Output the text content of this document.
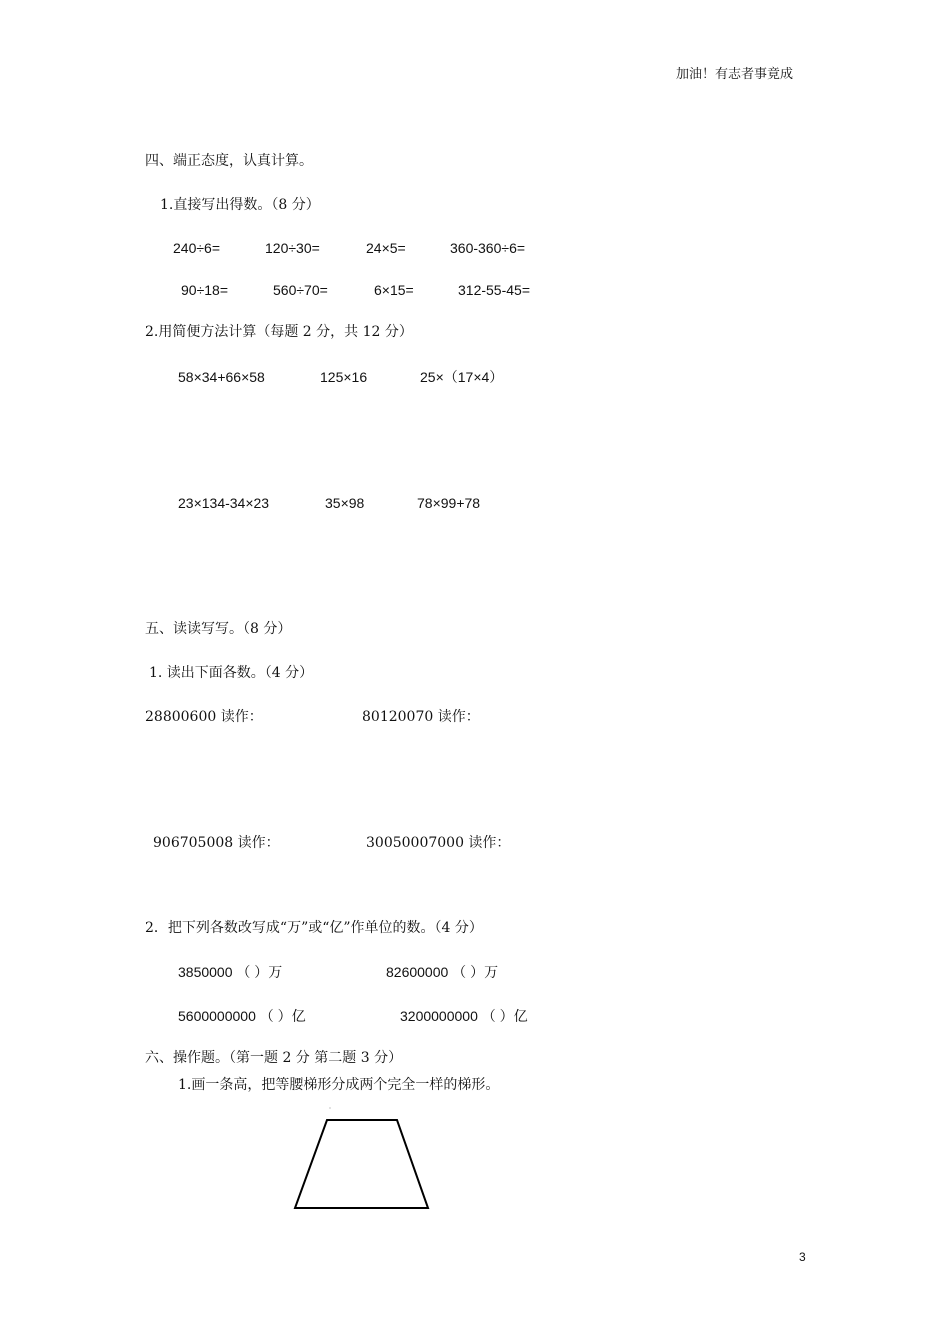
加油！有志者事竟成
四、端正态度，认真计算。
1.直接写出得数。（8 分）
240÷6=	120÷30=	24×5=	360-360÷6=
90÷18=	560÷70=	6×15=	312-55-45=
2.用简便方法计算（每题 2 分，共 12 分）
58×34+66×58	125×16	25×（17×4）
23×134-34×23	35×98	78×99+78
五、读读写写。（8 分）
1. 读出下面各数。（4 分）
28800600 读作：	80120070 读作：
906705008 读作：	30050007000 读作：
2．把下列各数改写成“万”或“亿”作单位的数。（4 分）
3850000 （ ）万	82600000 （ ）万
5600000000 （ ）亿	3200000000 （ ）亿
六、操作题。（第一题 2 分 第二题 3 分）
1.画一条高，把等腰梯形分成两个完全一样的梯形。
3
